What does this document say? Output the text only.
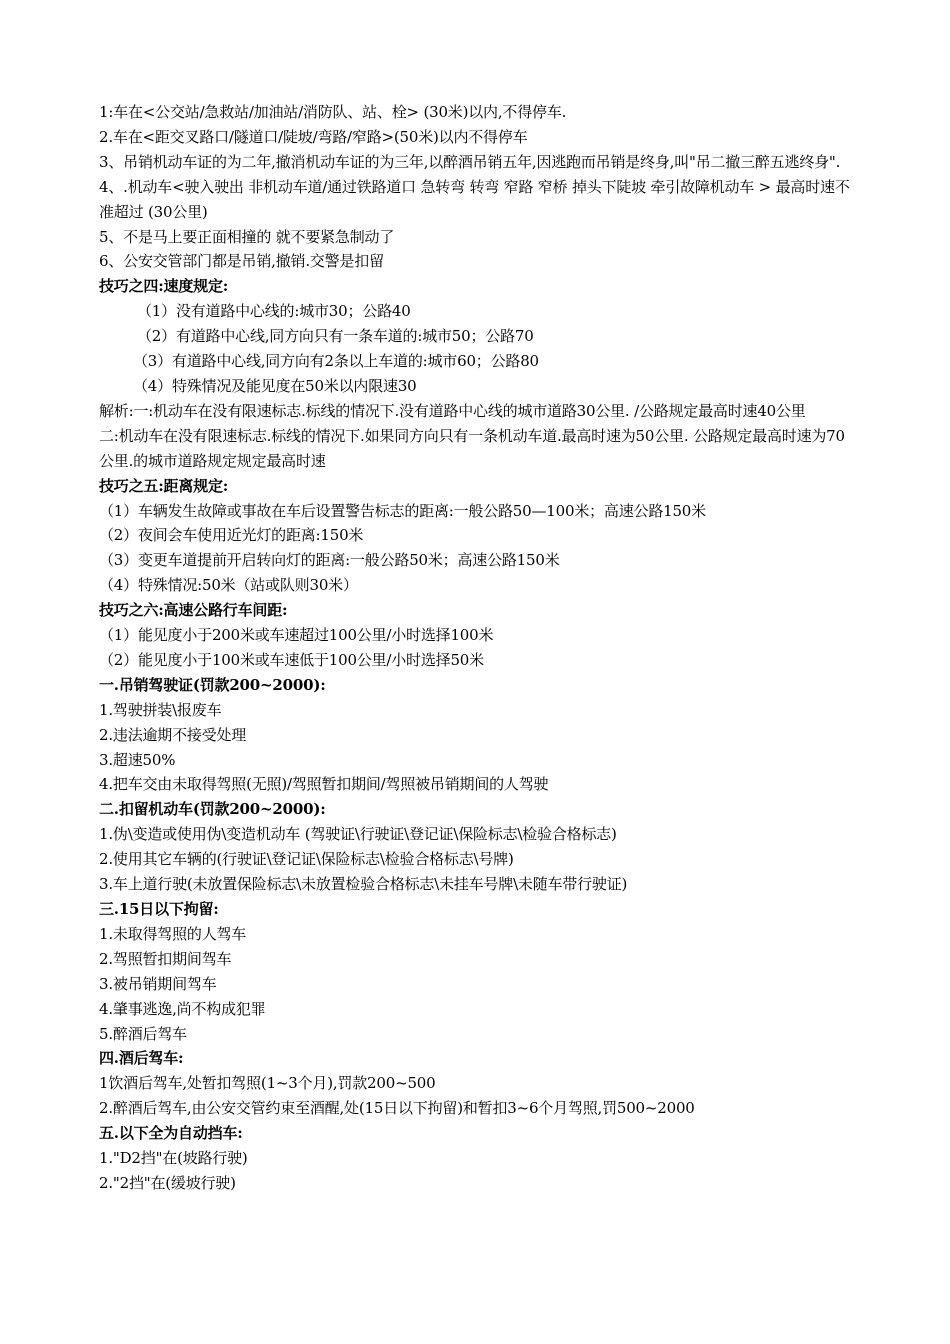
1:车在<公交站/急救站/加油站/消防队、站、栓> (30米)以内,不得停车.
2.车在<距交叉路口/隧道口/陡坡/弯路/窄路>(50米)以内不得停车
3、吊销机动车证的为二年,撤消机动车证的为三年,以醉酒吊销五年,因逃跑而吊销是终身,叫"吊二撤三醉五逃终身".
4、.机动车<驶入驶出 非机动车道/通过铁路道口 急转弯 转弯 窄路 窄桥 掉头下陡坡 牵引故障机动车 > 最高时速不准超过 (30公里)
5、不是马上要正面相撞的 就不要紧急制动了
6、公安交管部门都是吊销,撤销.交警是扣留
技巧之四:速度规定:
（1）没有道路中心线的:城市30；公路40
（2）有道路中心线,同方向只有一条车道的:城市50；公路70
（3）有道路中心线,同方向有2条以上车道的:城市60；公路80
（4）特殊情况及能见度在50米以内限速30
解析:一:机动车在没有限速标志.标线的情况下.没有道路中心线的城市道路30公里. /公路规定最高时速40公里
二:机动车在没有限速标志.标线的情况下.如果同方向只有一条机动车道.最高时速为50公里. 公路规定最高时速为70公里.的城市道路规定规定最高时速
技巧之五:距离规定:
（1）车辆发生故障或事故在车后设置警告标志的距离:一般公路50—100米；高速公路150米
（2）夜间会车使用近光灯的距离:150米
（3）变更车道提前开启转向灯的距离:一般公路50米；高速公路150米
（4）特殊情况:50米（站或队则30米）
技巧之六:高速公路行车间距:
（1）能见度小于200米或车速超过100公里/小时选择100米
（2）能见度小于100米或车速低于100公里/小时选择50米
一.吊销驾驶证(罚款200~2000):
1.驾驶拼装\报废车
2.违法逾期不接受处理
3.超速50%
4.把车交由未取得驾照(无照)/驾照暂扣期间/驾照被吊销期间的人驾驶
二.扣留机动车(罚款200~2000):
1.伪\变造或使用伪\变造机动车 (驾驶证\行驶证\登记证\保险标志\检验合格标志)
2.使用其它车辆的(行驶证\登记证\保险标志\检验合格标志\号牌)
3.车上道行驶(未放置保险标志\未放置检验合格标志\未挂车号牌\未随车带行驶证)
三.15日以下拘留:
1.未取得驾照的人驾车
2.驾照暂扣期间驾车
3.被吊销期间驾车
4.肇事逃逸,尚不构成犯罪
5.醉酒后驾车
四.酒后驾车:
1饮酒后驾车,处暂扣驾照(1~3个月),罚款200~500
2.醉酒后驾车,由公安交管约束至酒醒,处(15日以下拘留)和暂扣3~6个月驾照,罚500~2000
五.以下全为自动挡车:
1."D2挡"在(坡路行驶)
2."2挡"在(缓坡行驶)
